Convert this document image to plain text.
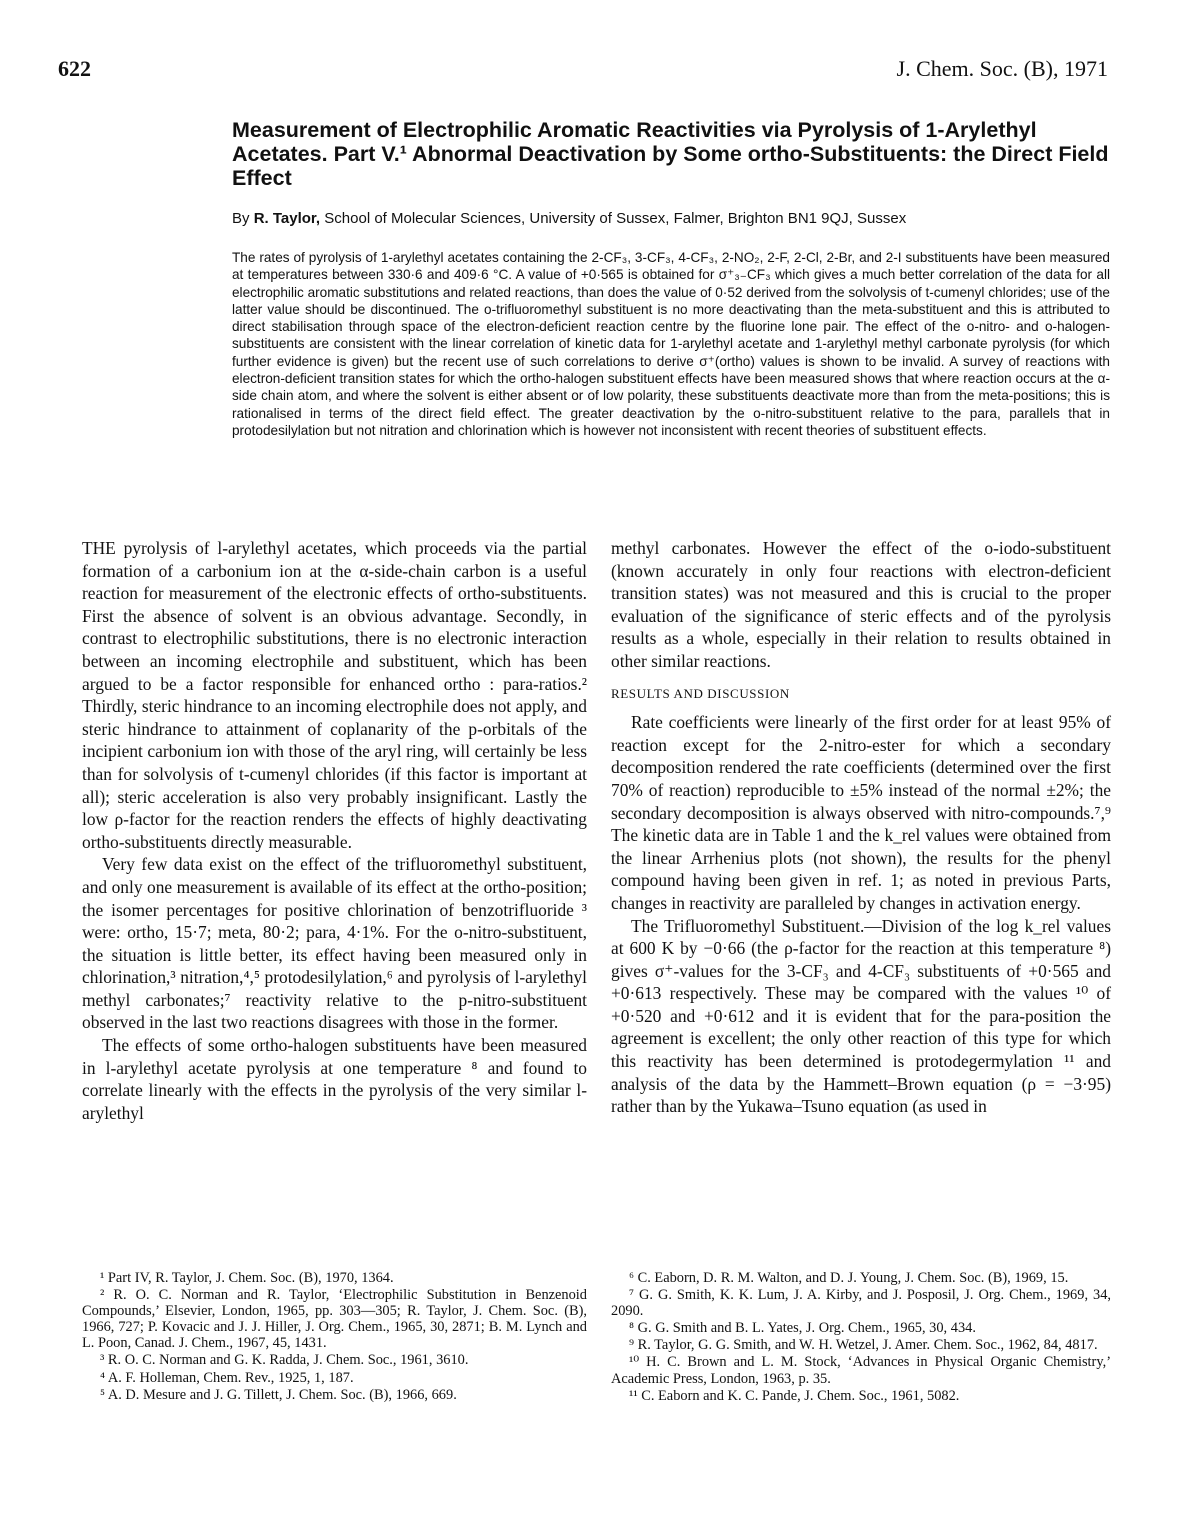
622	J. Chem. Soc. (B), 1971
Measurement of Electrophilic Aromatic Reactivities via Pyrolysis of 1-Arylethyl Acetates. Part V.¹ Abnormal Deactivation by Some ortho-Substituents: the Direct Field Effect
By R. Taylor, School of Molecular Sciences, University of Sussex, Falmer, Brighton BN1 9QJ, Sussex

The rates of pyrolysis of 1-arylethyl acetates containing the 2-CF₃, 3-CF₃, 4-CF₃, 2-NO₂, 2-F, 2-Cl, 2-Br, and 2-I substituents have been measured at temperatures between 330·6 and 409·6 °C. A value of +0·565 is obtained for σ⁺₃₋CF₃ which gives a much better correlation of the data for all electrophilic aromatic substitutions and related reactions, than does the value of 0·52 derived from the solvolysis of t-cumenyl chlorides; use of the latter value should be discontinued. The o-trifluoromethyl substituent is no more deactivating than the meta-substituent and this is attributed to direct stabilisation through space of the electron-deficient reaction centre by the fluorine lone pair. The effect of the o-nitro- and o-halogen-substituents are consistent with the linear correlation of kinetic data for 1-arylethyl acetate and 1-arylethyl methyl carbonate pyrolysis (for which further evidence is given) but the recent use of such correlations to derive σ⁺(ortho) values is shown to be invalid. A survey of reactions with electron-deficient transition states for which the ortho-halogen substituent effects have been measured shows that where reaction occurs at the α-side chain atom, and where the solvent is either absent or of low polarity, these substituents deactivate more than from the meta-positions; this is rationalised in terms of the direct field effect. The greater deactivation by the o-nitro-substituent relative to the para, parallels that in protodesilylation but not nitration and chlorination which is however not inconsistent with recent theories of substituent effects.

THE pyrolysis of l-arylethyl acetates, which proceeds via the partial formation of a carbonium ion at the α-side-chain carbon is a useful reaction for measurement of the electronic effects of ortho-substituents. First the absence of solvent is an obvious advantage. Secondly, in contrast to electrophilic substitutions, there is no electronic interaction between an incoming electrophile and substituent, which has been argued to be a factor responsible for enhanced ortho : para-ratios.² Thirdly, steric hindrance to an incoming electrophile does not apply, and steric hindrance to attainment of coplanarity of the p-orbitals of the incipient carbonium ion with those of the aryl ring, will certainly be less than for solvolysis of t-cumenyl chlorides (if this factor is important at all); steric acceleration is also very probably insignificant. Lastly the low ρ-factor for the reaction renders the effects of highly deactivating ortho-substituents directly measurable.

Very few data exist on the effect of the trifluoromethyl substituent, and only one measurement is available of its effect at the ortho-position; the isomer percentages for positive chlorination of benzotrifluoride ³ were: ortho, 15·7; meta, 80·2; para, 4·1%. For the o-nitro-substituent, the situation is little better, its effect having been measured only in chlorination,³ nitration,⁴,⁵ protodesilylation,⁶ and pyrolysis of l-arylethyl methyl carbonates;⁷ reactivity relative to the p-nitro-substituent observed in the last two reactions disagrees with those in the former.

The effects of some ortho-halogen substituents have been measured in l-arylethyl acetate pyrolysis at one temperature ⁸ and found to correlate linearly with the effects in the pyrolysis of the very similar l-arylethyl

methyl carbonates. However the effect of the o-iodo-substituent (known accurately in only four reactions with electron-deficient transition states) was not measured and this is crucial to the proper evaluation of the significance of steric effects and of the pyrolysis results as a whole, especially in their relation to results obtained in other similar reactions.

RESULTS AND DISCUSSION

Rate coefficients were linearly of the first order for at least 95% of reaction except for the 2-nitro-ester for which a secondary decomposition rendered the rate coefficients (determined over the first 70% of reaction) reproducible to ±5% instead of the normal ±2%; the secondary decomposition is always observed with nitro-compounds.⁷,⁹ The kinetic data are in Table 1 and the k_rel values were obtained from the linear Arrhenius plots (not shown), the results for the phenyl compound having been given in ref. 1; as noted in previous Parts, changes in reactivity are paralleled by changes in activation energy.

The Trifluoromethyl Substituent.—Division of the log k_rel values at 600 K by −0·66 (the ρ-factor for the reaction at this temperature ⁸) gives σ⁺-values for the 3-CF₃ and 4-CF₃ substituents of +0·565 and +0·613 respectively. These may be compared with the values ¹⁰ of +0·520 and +0·612 and it is evident that for the para-position the agreement is excellent; the only other reaction of this type for which this reactivity has been determined is protodegermylation ¹¹ and analysis of the data by the Hammett–Brown equation (ρ = −3·95) rather than by the Yukawa–Tsuno equation (as used in

¹ Part IV, R. Taylor, J. Chem. Soc. (B), 1970, 1364.

² R. O. C. Norman and R. Taylor, ‘Electrophilic Substitution in Benzenoid Compounds,’ Elsevier, London, 1965, pp. 303—305; R. Taylor, J. Chem. Soc. (B), 1966, 727; P. Kovacic and J. J. Hiller, J. Org. Chem., 1965, 30, 2871; B. M. Lynch and L. Poon, Canad. J. Chem., 1967, 45, 1431.

³ R. O. C. Norman and G. K. Radda, J. Chem. Soc., 1961, 3610.

⁴ A. F. Holleman, Chem. Rev., 1925, 1, 187.

⁵ A. D. Mesure and J. G. Tillett, J. Chem. Soc. (B), 1966, 669.

⁶ C. Eaborn, D. R. M. Walton, and D. J. Young, J. Chem. Soc. (B), 1969, 15.

⁷ G. G. Smith, K. K. Lum, J. A. Kirby, and J. Posposil, J. Org. Chem., 1969, 34, 2090.

⁸ G. G. Smith and B. L. Yates, J. Org. Chem., 1965, 30, 434.

⁹ R. Taylor, G. G. Smith, and W. H. Wetzel, J. Amer. Chem. Soc., 1962, 84, 4817.

¹⁰ H. C. Brown and L. M. Stock, ‘Advances in Physical Organic Chemistry,’ Academic Press, London, 1963, p. 35.

¹¹ C. Eaborn and K. C. Pande, J. Chem. Soc., 1961, 5082.
